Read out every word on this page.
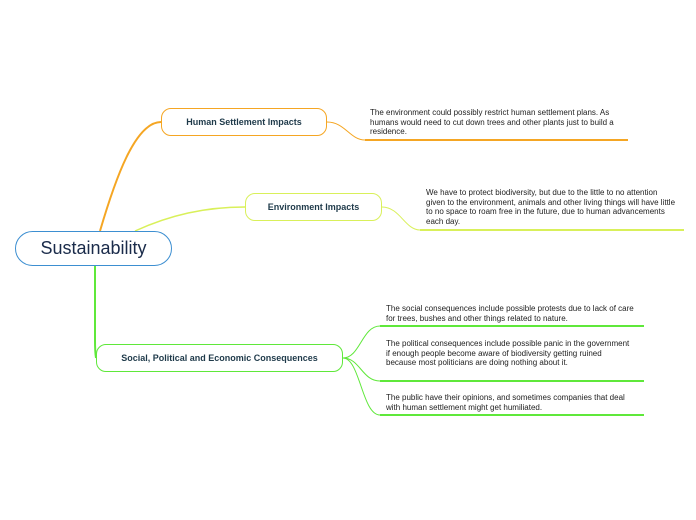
Sustainability
Human Settlement Impacts
The environment could possibly restrict human settlement plans. As humans would need to cut down trees and other plants just to build a residence.
Environment Impacts
We have to protect biodiversity, but due to the little to no attention given to the environment, animals and other living things will have little to no space to roam free in the future, due to human advancements each day.
Social, Political and Economic Consequences
The social consequences include possible protests due to lack of care for trees, bushes and other things related to nature.
The political consequences include possible panic in the government if enough people become aware of biodiversity getting ruined because most politicians are doing nothing about it.
The public have their opinions, and sometimes companies that deal with human settlement might get humiliated.
